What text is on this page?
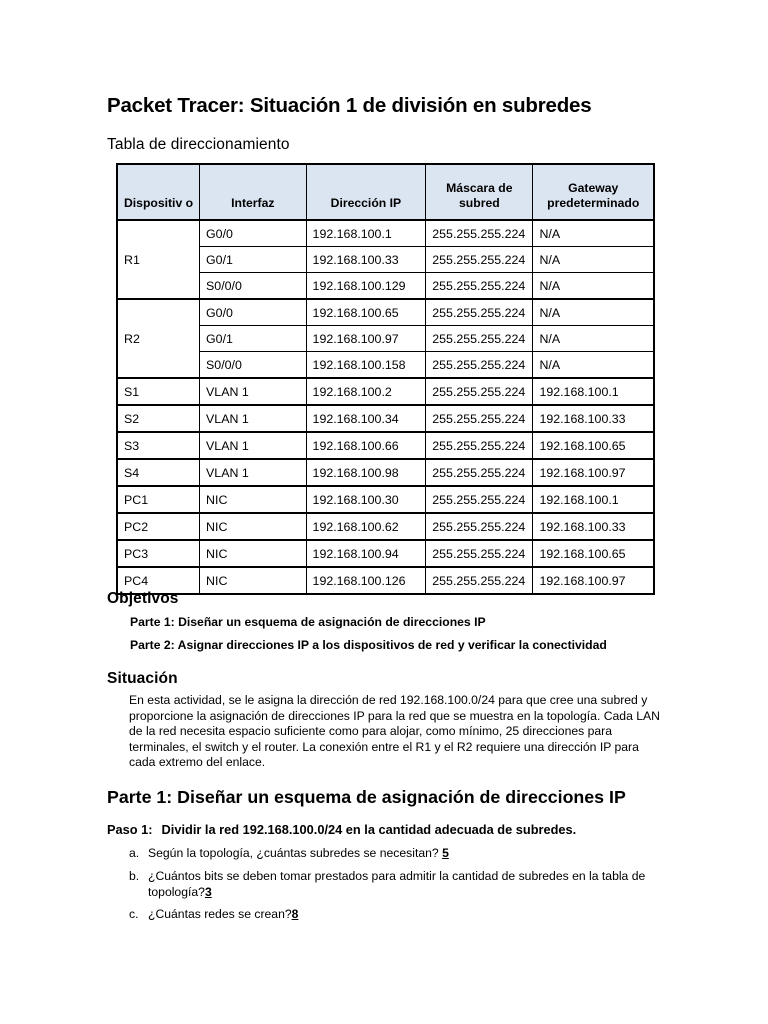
Packet Tracer: Situación 1 de división en subredes
Tabla de direccionamiento
Dispositiv o	Interfaz	Dirección IP	Máscara de subred	Gateway predeterminado
R1	G0/0	192.168.100.1	255.255.255.224	N/A
	G0/1	192.168.100.33	255.255.255.224	N/A
	S0/0/0	192.168.100.129	255.255.255.224	N/A
R2	G0/0	192.168.100.65	255.255.255.224	N/A
	G0/1	192.168.100.97	255.255.255.224	N/A
	S0/0/0	192.168.100.158	255.255.255.224	N/A
S1	VLAN 1	192.168.100.2	255.255.255.224	192.168.100.1
S2	VLAN 1	192.168.100.34	255.255.255.224	192.168.100.33
S3	VLAN 1	192.168.100.66	255.255.255.224	192.168.100.65
S4	VLAN 1	192.168.100.98	255.255.255.224	192.168.100.97
PC1	NIC	192.168.100.30	255.255.255.224	192.168.100.1
PC2	NIC	192.168.100.62	255.255.255.224	192.168.100.33
PC3	NIC	192.168.100.94	255.255.255.224	192.168.100.65
PC4	NIC	192.168.100.126	255.255.255.224	192.168.100.97
Objetivos

Parte 1: Diseñar un esquema de asignación de direcciones IP

Parte 2: Asignar direcciones IP a los dispositivos de red y verificar la conectividad

Situación

En esta actividad, se le asigna la dirección de red 192.168.100.0/24 para que cree una subred y proporcione la asignación de direcciones IP para la red que se muestra en la topología. Cada LAN de la red necesita espacio suficiente como para alojar, como mínimo, 25 direcciones para terminales, el switch y el router. La conexión entre el R1 y el R2 requiere una dirección IP para cada extremo del enlace.

Parte 1: Diseñar un esquema de asignación de direcciones IP

Paso 1: Dividir la red 192.168.100.0/24 en la cantidad adecuada de subredes.

a. Según la topología, ¿cuántas subredes se necesitan? 5

b. ¿Cuántos bits se deben tomar prestados para admitir la cantidad de subredes en la tabla de
topología?3

c. ¿Cuántas redes se crean?8
